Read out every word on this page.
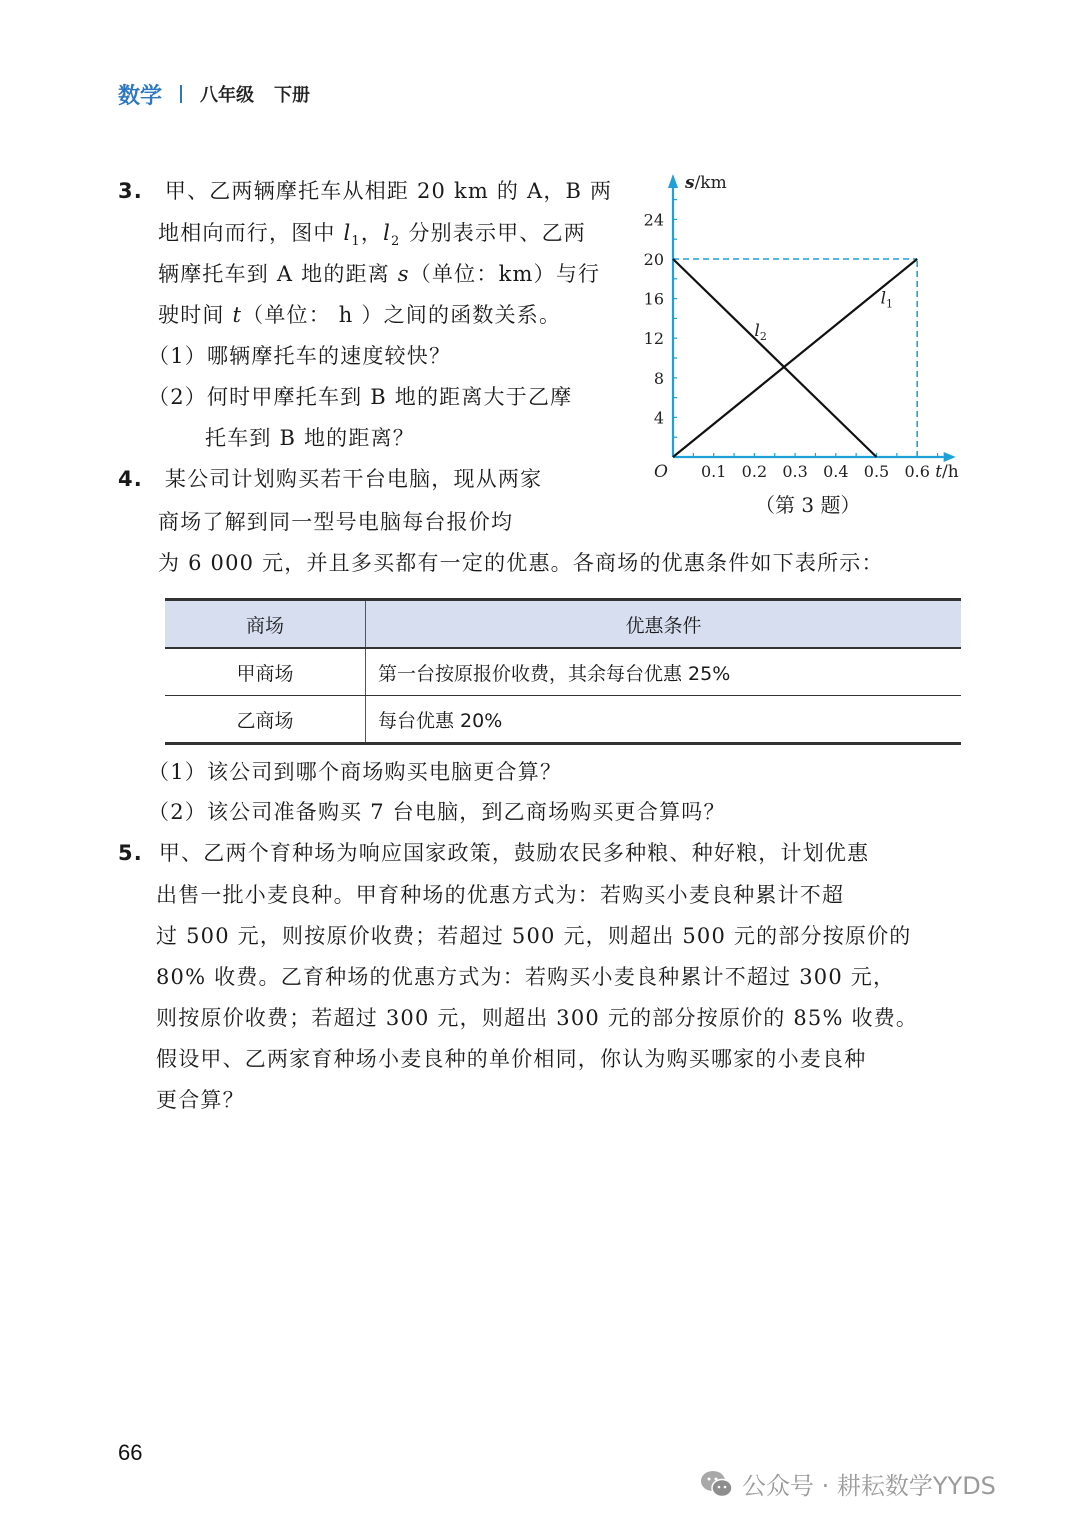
数学 八年级 下册
3. 甲、乙两辆摩托车从相距 20 km 的 A，B 两
地相向而行，图中 $l_1$，$l_2$ 分别表示甲、乙两
辆摩托车到 A 地的距离 s（单位：km）与行
驶时间 t（单位： h ）之间的函数关系。
（1）哪辆摩托车的速度较快？
（2）何时甲摩托车到 B 地的距离大于乙摩
托车到 B 地的距离？
0.1 0.2 0.3 0.4 0.5 0.6
4
8
12
16
20
24
O	t/h
s/km
$l_1$
$l_2$
（第 3 题）
4. 某公司计划购买若干台电脑，现从两家
商场了解到同一型号电脑每台报价均
为 6 000 元，并且多买都有一定的优惠。各商场的优惠条件如下表所示：
商场	优惠条件
甲商场	第一台按原报价收费，其余每台优惠 25%
乙商场	每台优惠 20%
（1）该公司到哪个商场购买电脑更合算？
（2）该公司准备购买 7 台电脑，到乙商场购买更合算吗？
5. 甲、乙两个育种场为响应国家政策，鼓励农民多种粮、种好粮，计划优惠
出售一批小麦良种。甲育种场的优惠方式为：若购买小麦良种累计不超
过 500 元，则按原价收费；若超过 500 元，则超出 500 元的部分按原价的
80% 收费。乙育种场的优惠方式为：若购买小麦良种累计不超过 300 元，
则按原价收费；若超过 300 元，则超出 300 元的部分按原价的 85% 收费。
假设甲、乙两家育种场小麦良种的单价相同，你认为购买哪家的小麦良种
更合算？
66
公众号 · 耕耘数学YYDS
